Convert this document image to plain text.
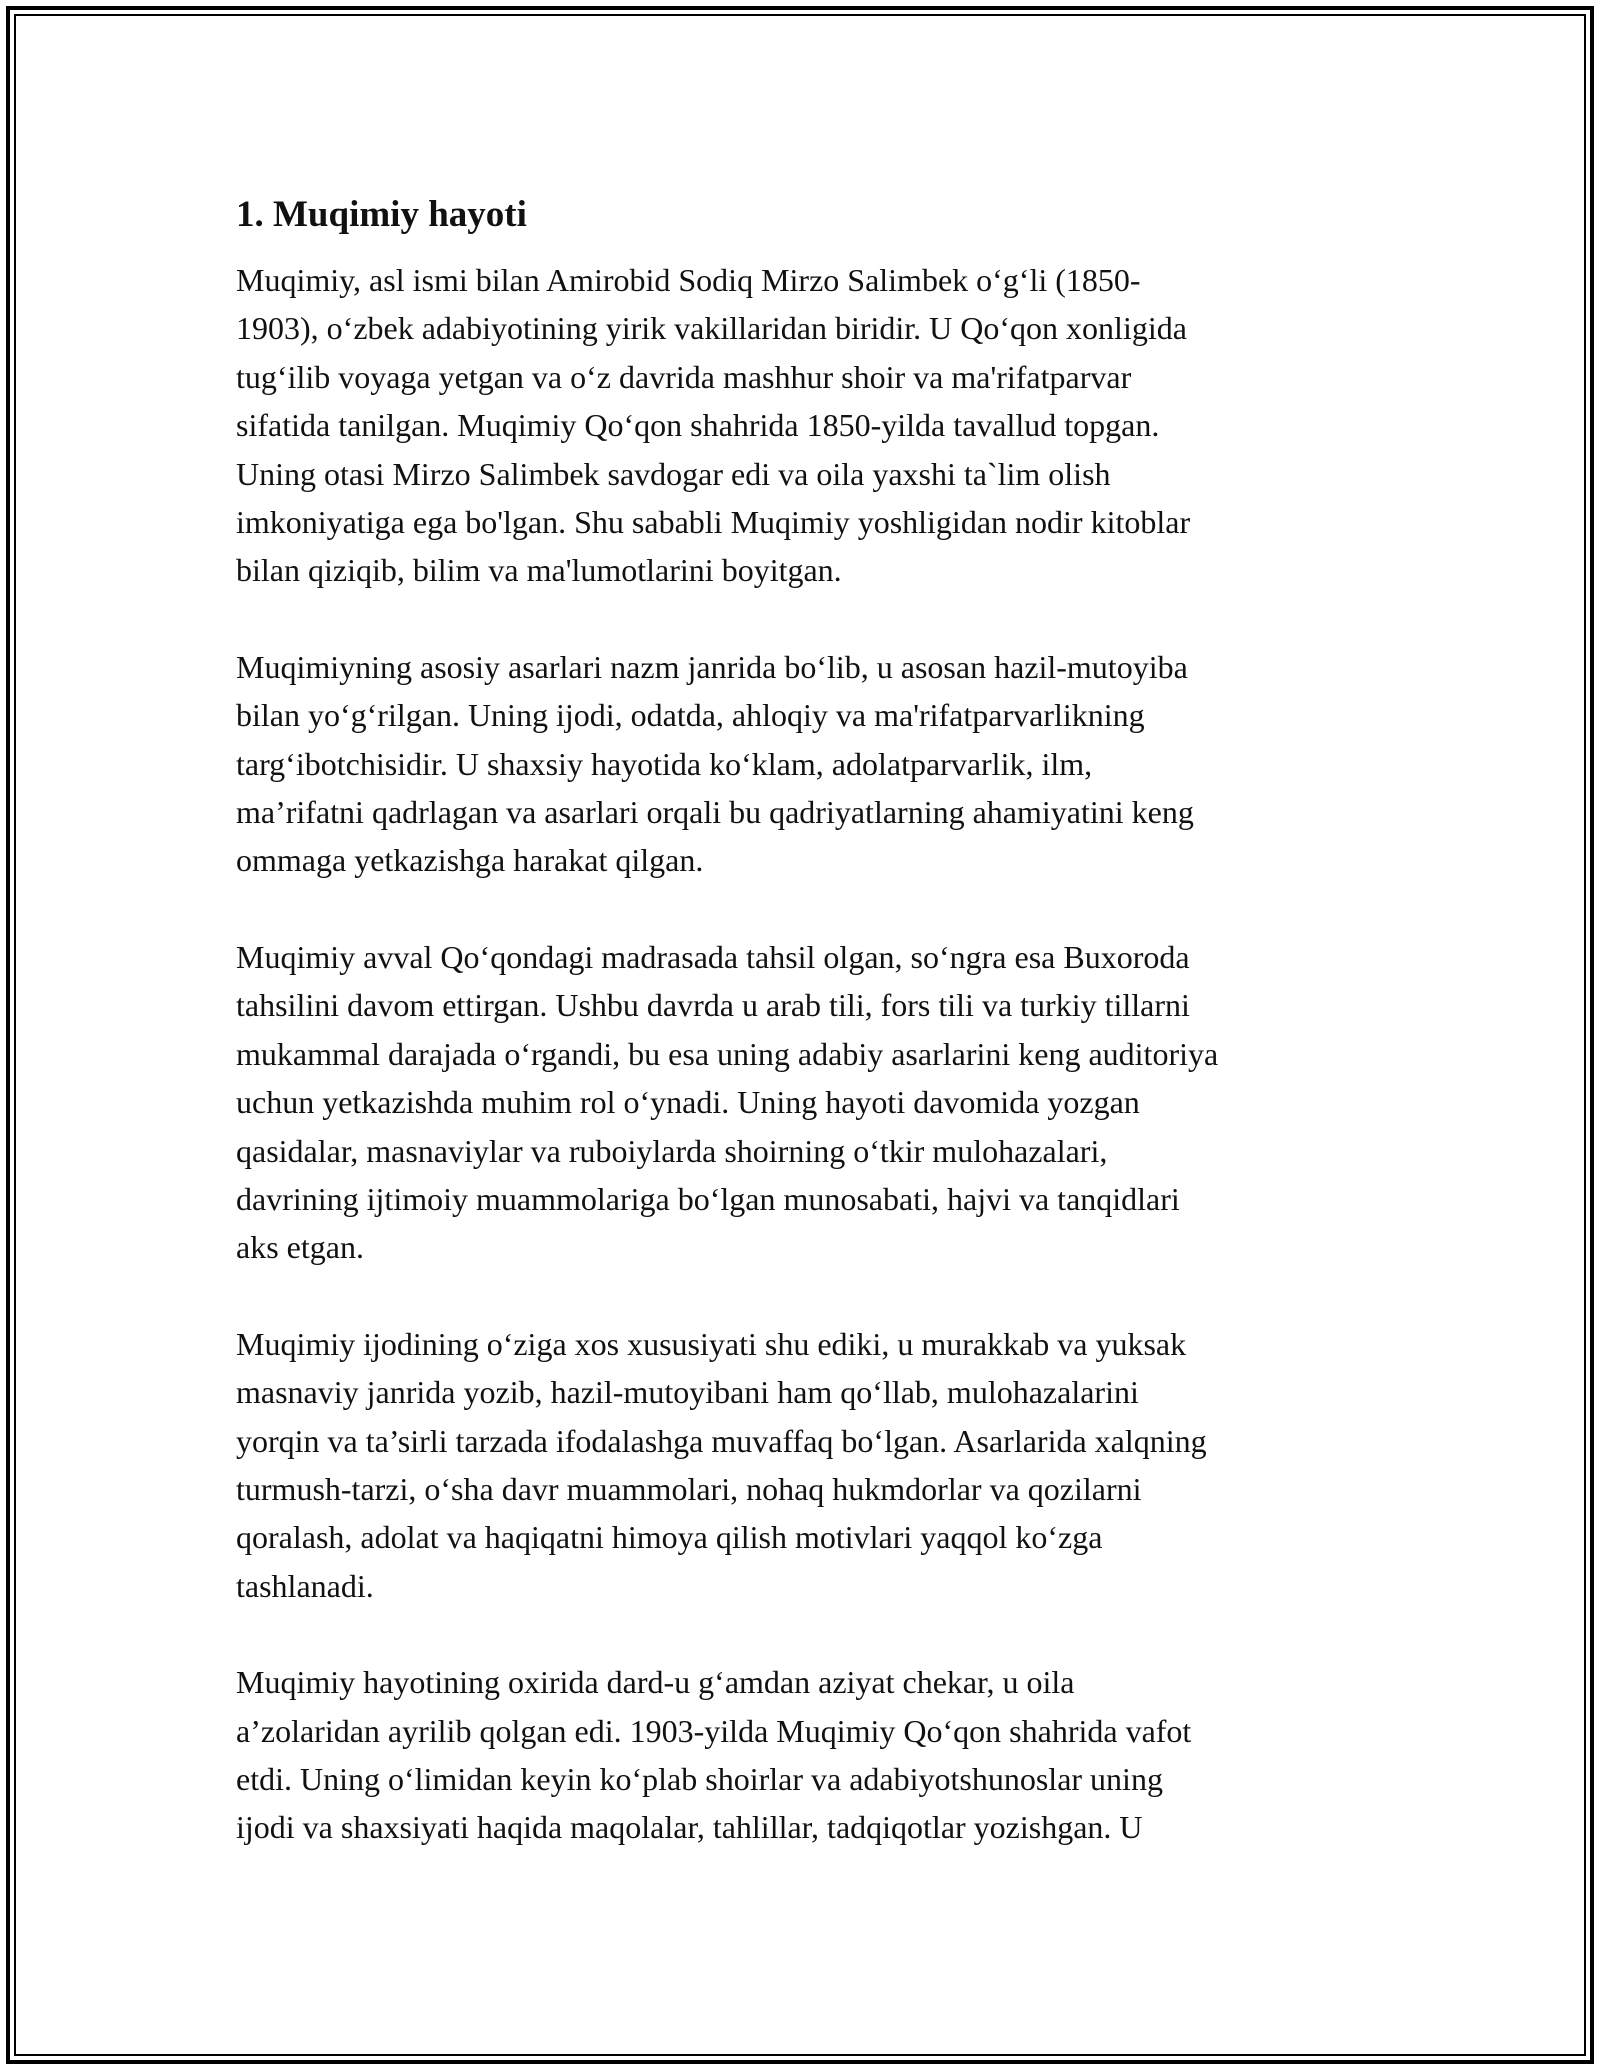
1. Muqimiy hayoti

Muqimiy, asl ismi bilan Amirobid Sodiq Mirzo Salimbek o‘g‘li (1850-
1903), o‘zbek adabiyotining yirik vakillaridan biridir. U Qo‘qon xonligida
tug‘ilib voyaga yetgan va o‘z davrida mashhur shoir va ma'rifatparvar
sifatida tanilgan. Muqimiy Qo‘qon shahrida 1850-yilda tavallud topgan.
Uning otasi Mirzo Salimbek savdogar edi va oila yaxshi ta`lim olish
imkoniyatiga ega bo'lgan. Shu sababli Muqimiy yoshligidan nodir kitoblar
bilan qiziqib, bilim va ma'lumotlarini boyitgan.

Muqimiyning asosiy asarlari nazm janrida bo‘lib, u asosan hazil-mutoyiba
bilan yo‘g‘rilgan. Uning ijodi, odatda, ahloqiy va ma'rifatparvarlikning
targ‘ibotchisidir. U shaxsiy hayotida ko‘klam, adolatparvarlik, ilm,
ma’rifatni qadrlagan va asarlari orqali bu qadriyatlarning ahamiyatini keng
ommaga yetkazishga harakat qilgan.

Muqimiy avval Qo‘qondagi madrasada tahsil olgan, so‘ngra esa Buxoroda
tahsilini davom ettirgan. Ushbu davrda u arab tili, fors tili va turkiy tillarni
mukammal darajada o‘rgandi, bu esa uning adabiy asarlarini keng auditoriya
uchun yetkazishda muhim rol o‘ynadi. Uning hayoti davomida yozgan
qasidalar, masnaviylar va ruboiylarda shoirning o‘tkir mulohazalari,
davrining ijtimoiy muammolariga bo‘lgan munosabati, hajvi va tanqidlari
aks etgan.

Muqimiy ijodining o‘ziga xos xususiyati shu ediki, u murakkab va yuksak
masnaviy janrida yozib, hazil-mutoyibani ham qo‘llab, mulohazalarini
yorqin va ta’sirli tarzada ifodalashga muvaffaq bo‘lgan. Asarlarida xalqning
turmush-tarzi, o‘sha davr muammolari, nohaq hukmdorlar va qozilarni
qoralash, adolat va haqiqatni himoya qilish motivlari yaqqol ko‘zga
tashlanadi.

Muqimiy hayotining oxirida dard-u g‘amdan aziyat chekar, u oila
a’zolaridan ayrilib qolgan edi. 1903-yilda Muqimiy Qo‘qon shahrida vafot
etdi. Uning o‘limidan keyin ko‘plab shoirlar va adabiyotshunoslar uning
ijodi va shaxsiyati haqida maqolalar, tahlillar, tadqiqotlar yozishgan. U
